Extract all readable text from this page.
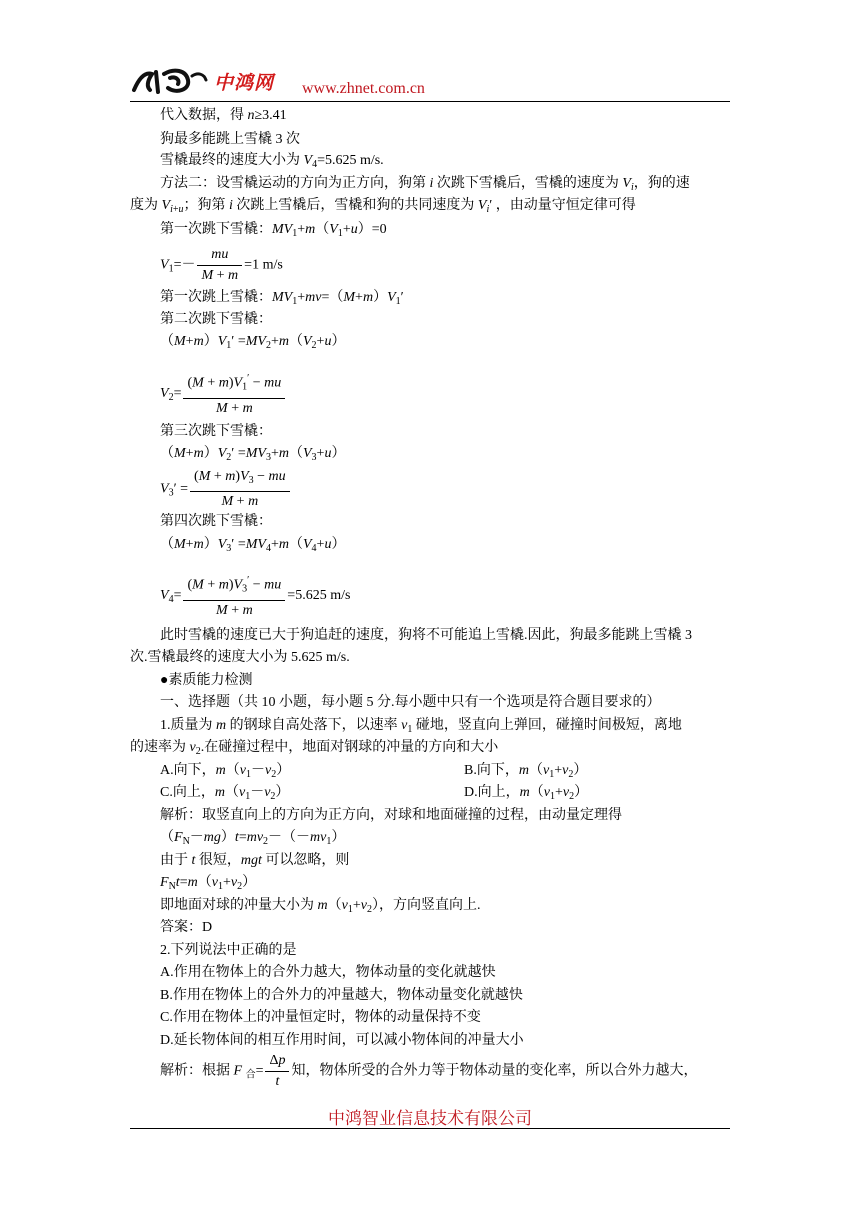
中鸿网 www.zhnet.com.cn
代入数据，得 n≥3.41
狗最多能跳上雪橇 3 次
雪橇最终的速度大小为 $V_4=5.625$ m/s.
方法二：设雪橇运动的方向为正方向，狗第 i 次跳下雪橇后，雪橇的速度为 $V_i$，狗的速
度为 $V_{i+u}$；狗第 i 次跳上雪橇后，雪橇和狗的共同速度为 $V_i'$ ，由动量守恒定律可得
第一次跳下雪橇：$MV_1+m(V_1+u)=0$
$V_1=- \frac{mu}{M + m} =1$ m/s
第一次跳上雪橇：$MV_1+mv=(M+m)V_1'$
第二次跳下雪橇：
$(M+m)V_1' =MV_2+m(V_2+u)$
$V_2= \frac{(M + m)V_1' - mu}{M + m}$
第三次跳下雪橇：
$(M+m)V_2' =MV_3+m(V_3+u)$
$V_3' = \frac{(M + m)V_3 - mu}{M + m}$
第四次跳下雪橇：
$(M+m)V_3' =MV_4+m(V_4+u)$
$V_4= \frac{(M + m)V_3' - mu}{M + m} =5.625$ m/s
此时雪橇的速度已大于狗追赶的速度，狗将不可能追上雪橇.因此，狗最多能跳上雪橇 3
次.雪橇最终的速度大小为 5.625 m/s.
●素质能力检测
一、选择题（共 10 小题，每小题 5 分.每小题中只有一个选项是符合题目要求的）
1.质量为 m 的钢球自高处落下，以速率 $v_1$ 碰地，竖直向上弹回，碰撞时间极短，离地
的速率为 $v_2$.在碰撞过程中，地面对钢球的冲量的方向和大小
A.向下，$m(v_1-v_2)$	B.向下，$m(v_1+v_2)$
C.向上，$m(v_1-v_2)$	D.向上，$m(v_1+v_2)$
解析：取竖直向上的方向为正方向，对球和地面碰撞的过程，由动量定理得
$(F_N-mg)t=mv_2-(-mv_1)$
由于 t 很短，mgt 可以忽略，则
$F_Nt=m(v_1+v_2)$
即地面对球的冲量大小为 $m(v_1+v_2)$，方向竖直向上.
答案：D
2.下列说法中正确的是
A.作用在物体上的合外力越大，物体动量的变化就越快
B.作用在物体上的合外力的冲量越大，物体动量变化就越快
C.作用在物体上的冲量恒定时，物体的动量保持不变
D.延长物体间的相互作用时间，可以减小物体间的冲量大小
解析：根据 F $_合= \frac{\Delta p}{t}$ 知，物体所受的合外力等于物体动量的变化率，所以合外力越大，
中鸿智业信息技术有限公司
